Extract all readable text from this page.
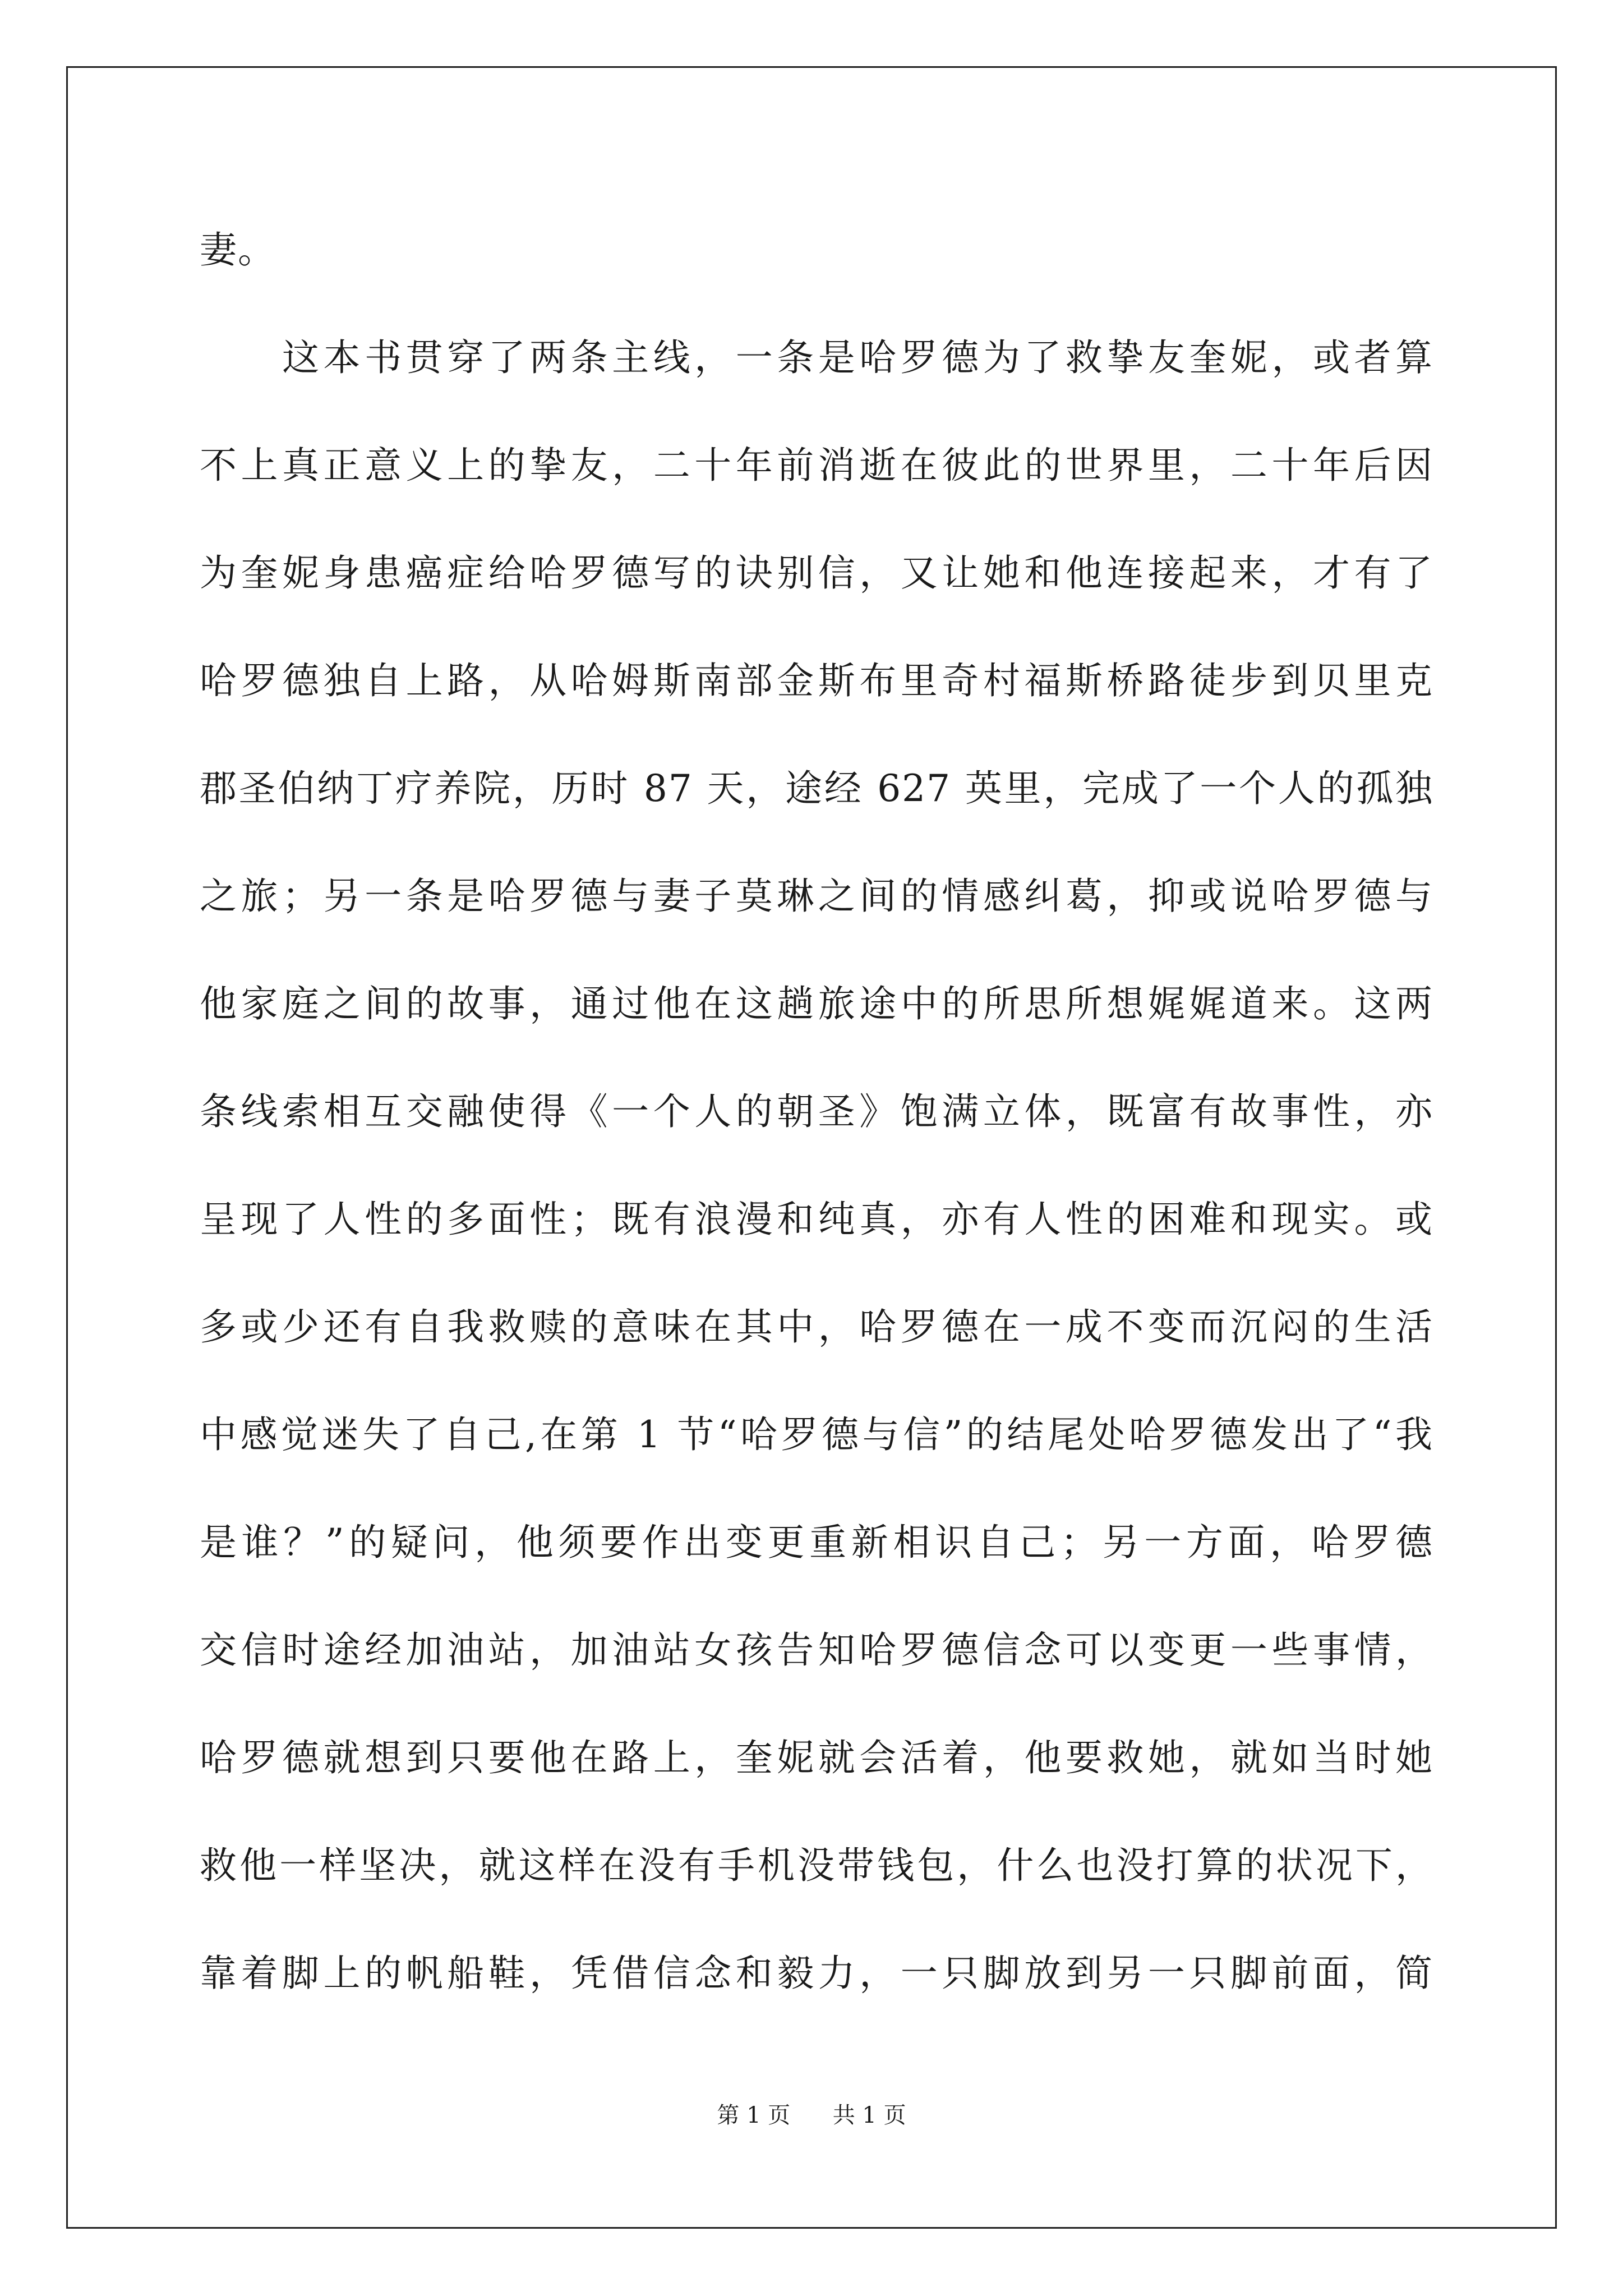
妻。
　　这本书贯穿了两条主线，一条是哈罗德为了救挚友奎妮，或者算
不上真正意义上的挚友，二十年前消逝在彼此的世界里，二十年后因
为奎妮身患癌症给哈罗德写的诀别信，又让她和他连接起来，才有了
哈罗德独自上路，从哈姆斯南部金斯布里奇村福斯桥路徒步到贝里克
郡圣伯纳丁疗养院，历时 87 天，途经 627 英里，完成了一个人的孤独
之旅；另一条是哈罗德与妻子莫琳之间的情感纠葛，抑或说哈罗德与
他家庭之间的故事，通过他在这趟旅途中的所思所想娓娓道来。这两
条线索相互交融使得《一个人的朝圣》饱满立体，既富有故事性，亦
呈现了人性的多面性；既有浪漫和纯真，亦有人性的困难和现实。或
多或少还有自我救赎的意味在其中，哈罗德在一成不变而沉闷的生活
中感觉迷失了自己,在第 1 节“哈罗德与信”的结尾处哈罗德发出了“我
是谁？”的疑问，他须要作出变更重新相识自己；另一方面，哈罗德
交信时途经加油站，加油站女孩告知哈罗德信念可以变更一些事情，
哈罗德就想到只要他在路上，奎妮就会活着，他要救她，就如当时她
救他一样坚决，就这样在没有手机没带钱包，什么也没打算的状况下，
靠着脚上的帆船鞋，凭借信念和毅力，一只脚放到另一只脚前面，简
第 1 页 共 1 页
